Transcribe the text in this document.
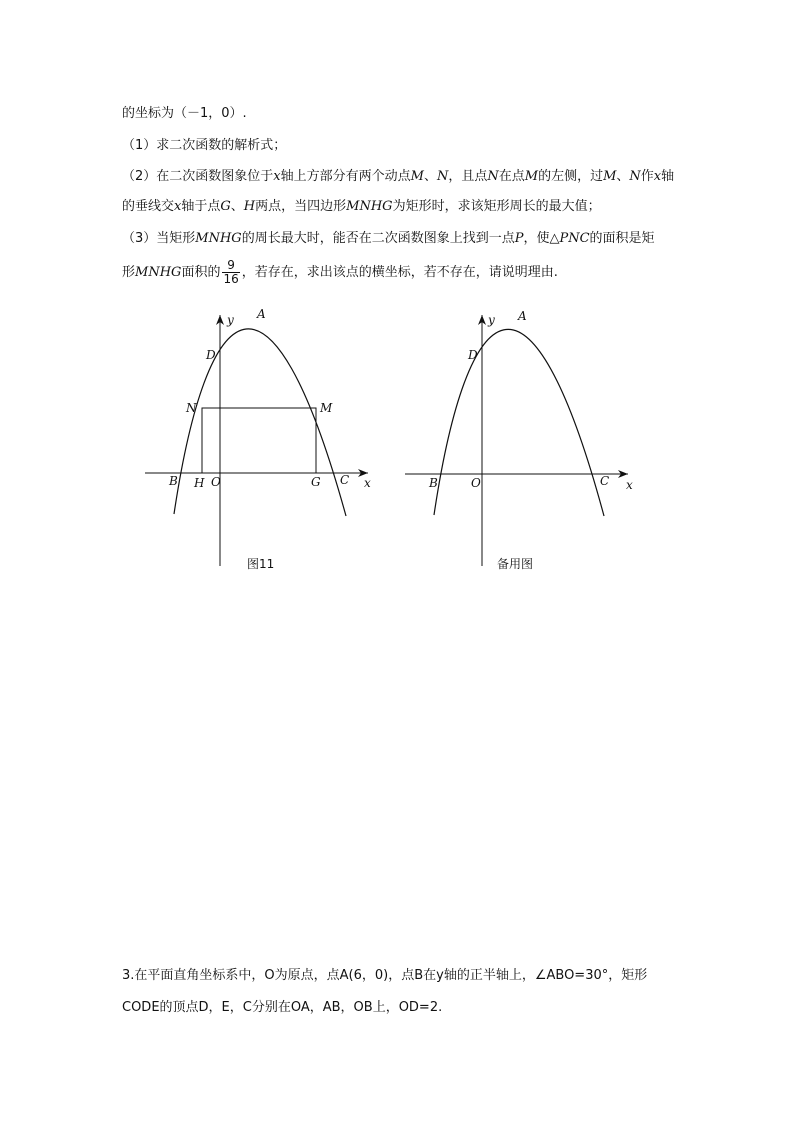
的坐标为（－1，0）.
（1）求二次函数的解析式；
（2）在二次函数图象位于x轴上方部分有两个动点M、N，且点N在点M的左侧，过M、N作x轴
的垂线交x轴于点G、H两点，当四边形MNHG为矩形时，求该矩形周长的最大值；
（3）当矩形MNHG的周长最大时，能否在二次函数图象上找到一点P，使△PNC的面积是矩
形MNHG面积的 $\frac{9}{16}$ ，若存在，求出该点的横坐标，若不存在，请说明理由.
y A
D
N	M
B H O	G C x
图11
y A
D
B	O	C x
备用图
3.在平面直角坐标系中，O为原点，点A(6，0)，点B在y轴的正半轴上，∠ABO=30°，矩形
CODE的顶点D，E，C分别在OA，AB，OB上，OD=2.
